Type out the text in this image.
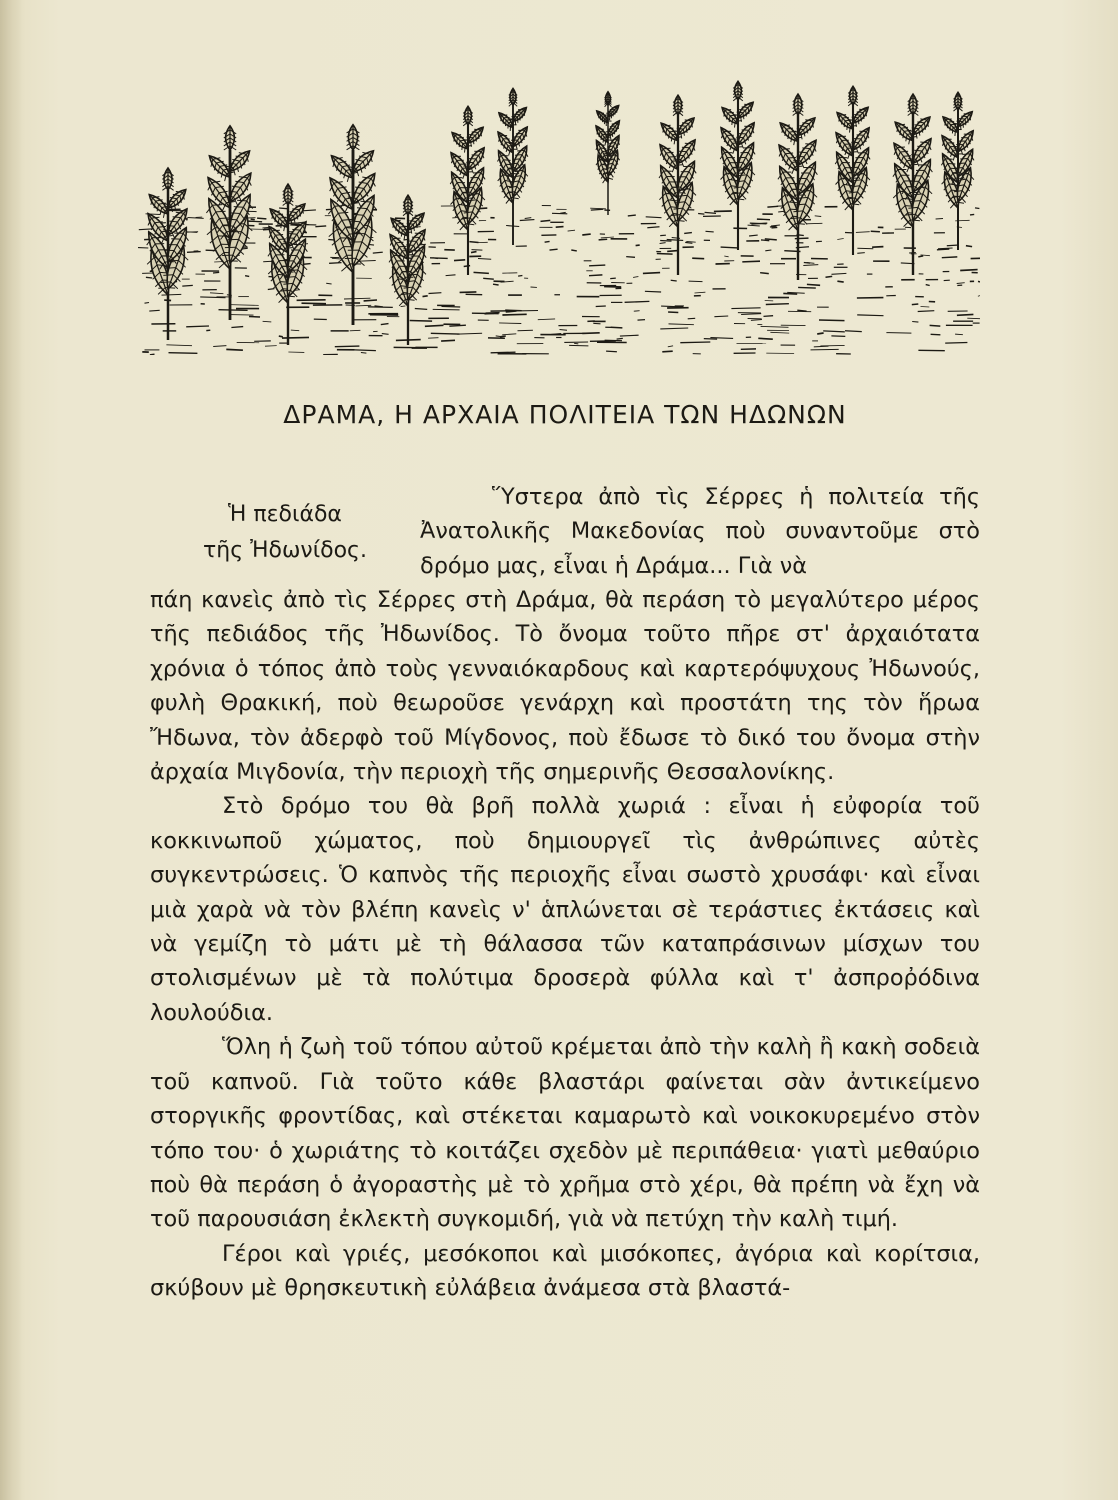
ΔΡΑΜΑ, Η ΑΡΧΑΙΑ ΠΟΛΙΤΕΙΑ ΤΩΝ ΗΔΩΝΩΝ
Ἡ πεδιάδα
τῆς Ἠδωνίδος.

Ὕστερα ἀπὸ τὶς Σέρρες ἡ πολιτεία τῆς Ἀνατολικῆς Μακεδονίας ποὺ συναντοῦμε στὸ δρόμο μας, εἶναι ἡ Δράμα... Γιὰ νὰ

πάη κανεὶς ἀπὸ τὶς Σέρρες στὴ Δράμα, θὰ περάση τὸ μεγαλύτερο μέρος τῆς πεδιάδος τῆς Ἠδωνίδος. Τὸ ὄνομα τοῦτο πῆρε στ' ἀρχαιότατα χρόνια ὁ τόπος ἀπὸ τοὺς γενναιόκαρδους καὶ καρτερόψυχους Ἠδωνούς, φυλὴ Θρακική, ποὺ θεωροῦσε γενάρχη καὶ προστάτη της τὸν ἥρωα Ἤδωνα, τὸν ἀδερφὸ τοῦ Μίγδονος, ποὺ ἔδωσε τὸ δικό του ὄνομα στὴν ἀρχαία Μιγδονία, τὴν περιοχὴ τῆς σημερινῆς Θεσσαλονίκης.

Στὸ δρόμο του θὰ βρῆ πολλὰ χωριά : εἶναι ἡ εὐφορία τοῦ κοκκινωποῦ χώματος, ποὺ δημιουργεῖ τὶς ἀνθρώπινες αὐτὲς συγκεντρώσεις. Ὁ καπνὸς τῆς περιοχῆς εἶναι σωστὸ χρυσάφι· καὶ εἶναι μιὰ χαρὰ νὰ τὸν βλέπη κανεὶς ν' ἁπλώνεται σὲ τεράστιες ἐκτάσεις καὶ νὰ γεμίζη τὸ μάτι μὲ τὴ θάλασσα τῶν καταπράσινων μίσχων του στολισμένων μὲ τὰ πολύτιμα δροσερὰ φύλλα καὶ τ' ἀσπροῤόδινα λουλούδια.

Ὅλη ἡ ζωὴ τοῦ τόπου αὐτοῦ κρέμεται ἀπὸ τὴν καλὴ ἢ κακὴ σοδειὰ τοῦ καπνοῦ. Γιὰ τοῦτο κάθε βλαστάρι φαίνεται σὰν ἀντικείμενο στοργικῆς φροντίδας, καὶ στέκεται καμαρωτὸ καὶ νοικοκυρεμένο στὸν τόπο του· ὁ χωριάτης τὸ κοιτάζει σχεδὸν μὲ περιπάθεια· γιατὶ μεθαύριο ποὺ θὰ περάση ὁ ἀγοραστὴς μὲ τὸ χρῆμα στὸ χέρι, θὰ πρέπη νὰ ἔχη νὰ τοῦ παρουσιάση ἐκλεκτὴ συγκομιδή, γιὰ νὰ πετύχη τὴν καλὴ τιμή.

Γέροι καὶ γριές, μεσόκοποι καὶ μισόκοπες, ἀγόρια καὶ κορίτσια, σκύβουν μὲ θρησκευτικὴ εὐλάβεια ἀνάμεσα στὰ βλαστά-
